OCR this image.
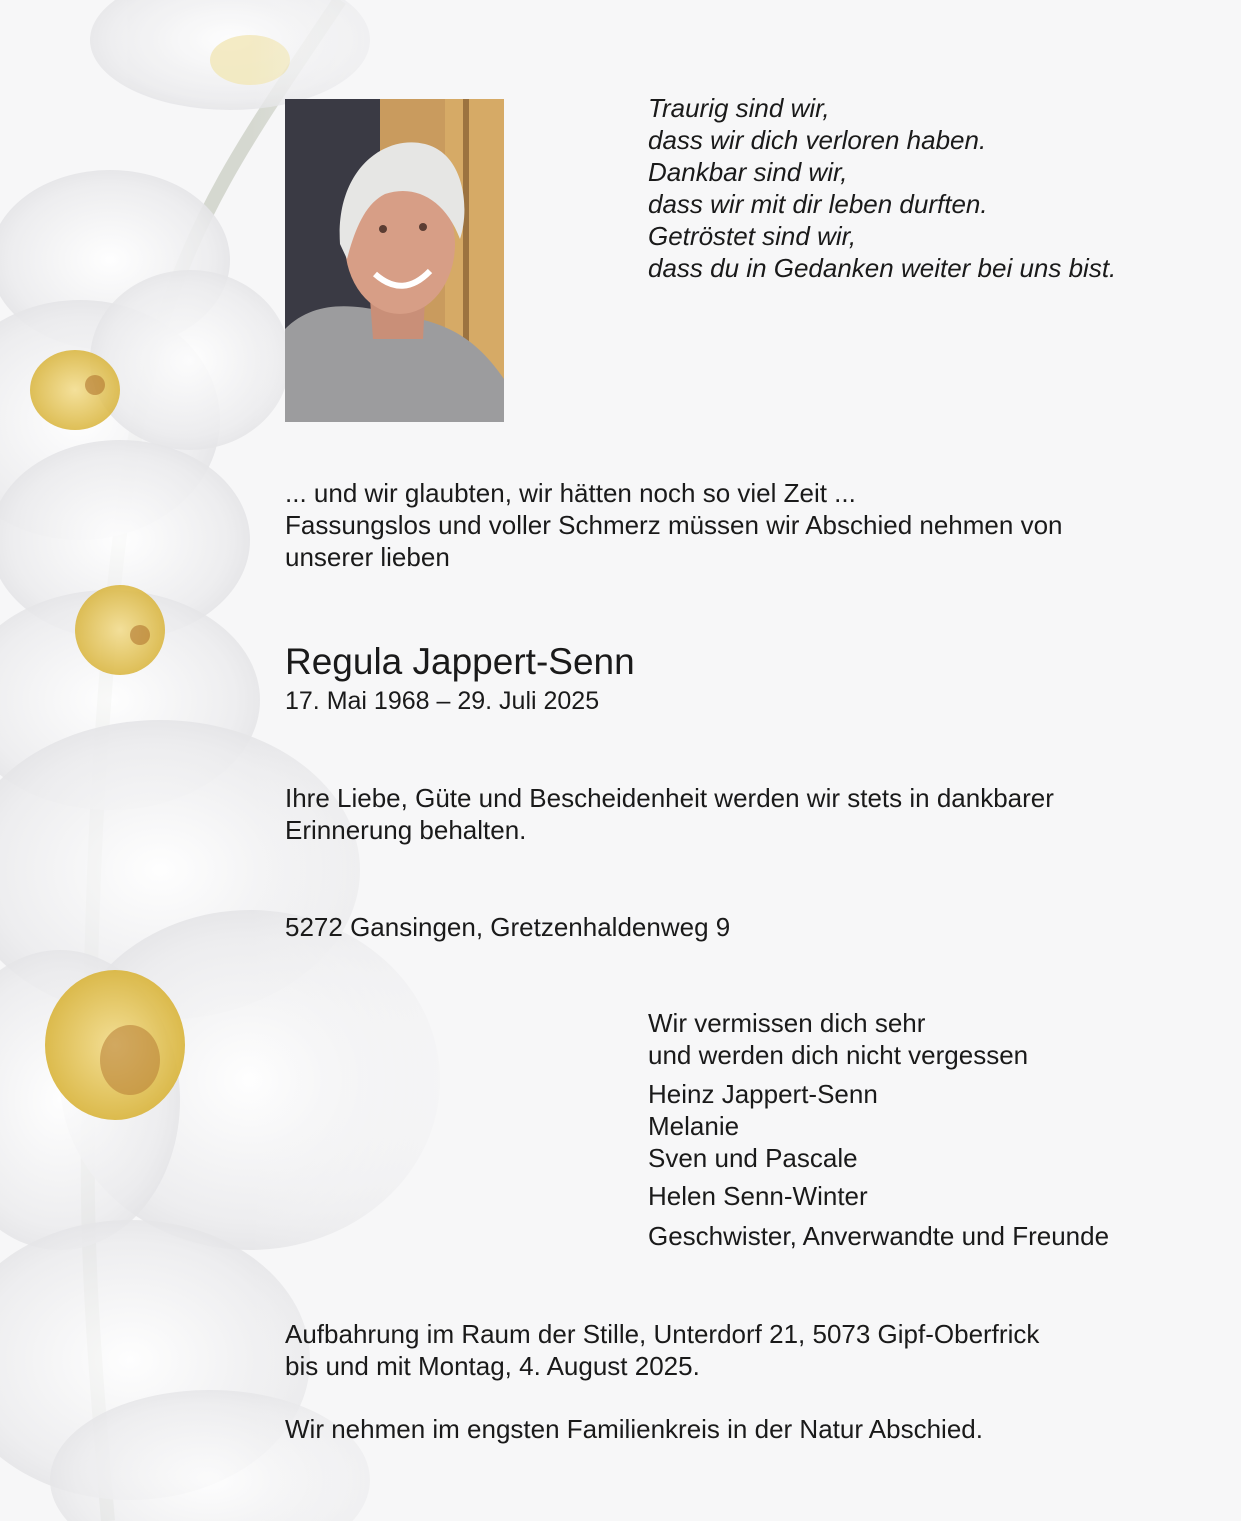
Traurig sind wir,
dass wir dich verloren haben.
Dankbar sind wir,
dass wir mit dir leben durften.
Getröstet sind wir,
dass du in Gedanken weiter bei uns bist.
... und wir glaubten, wir hätten noch so viel Zeit ...
Fassungslos und voller Schmerz müssen wir Abschied nehmen von
unserer lieben
Regula Jappert-Senn
17. Mai 1968 – 29. Juli 2025
Ihre Liebe, Güte und Bescheidenheit werden wir stets in dankbarer
Erinnerung behalten.
5272 Gansingen, Gretzenhaldenweg 9
Wir vermissen dich sehr
und werden dich nicht vergessen
Heinz Jappert-Senn
Melanie
Sven und Pascale
Helen Senn-Winter
Geschwister, Anverwandte und Freunde
Aufbahrung im Raum der Stille, Unterdorf 21, 5073 Gipf-Oberfrick
bis und mit Montag, 4. August 2025.
Wir nehmen im engsten Familienkreis in der Natur Abschied.
